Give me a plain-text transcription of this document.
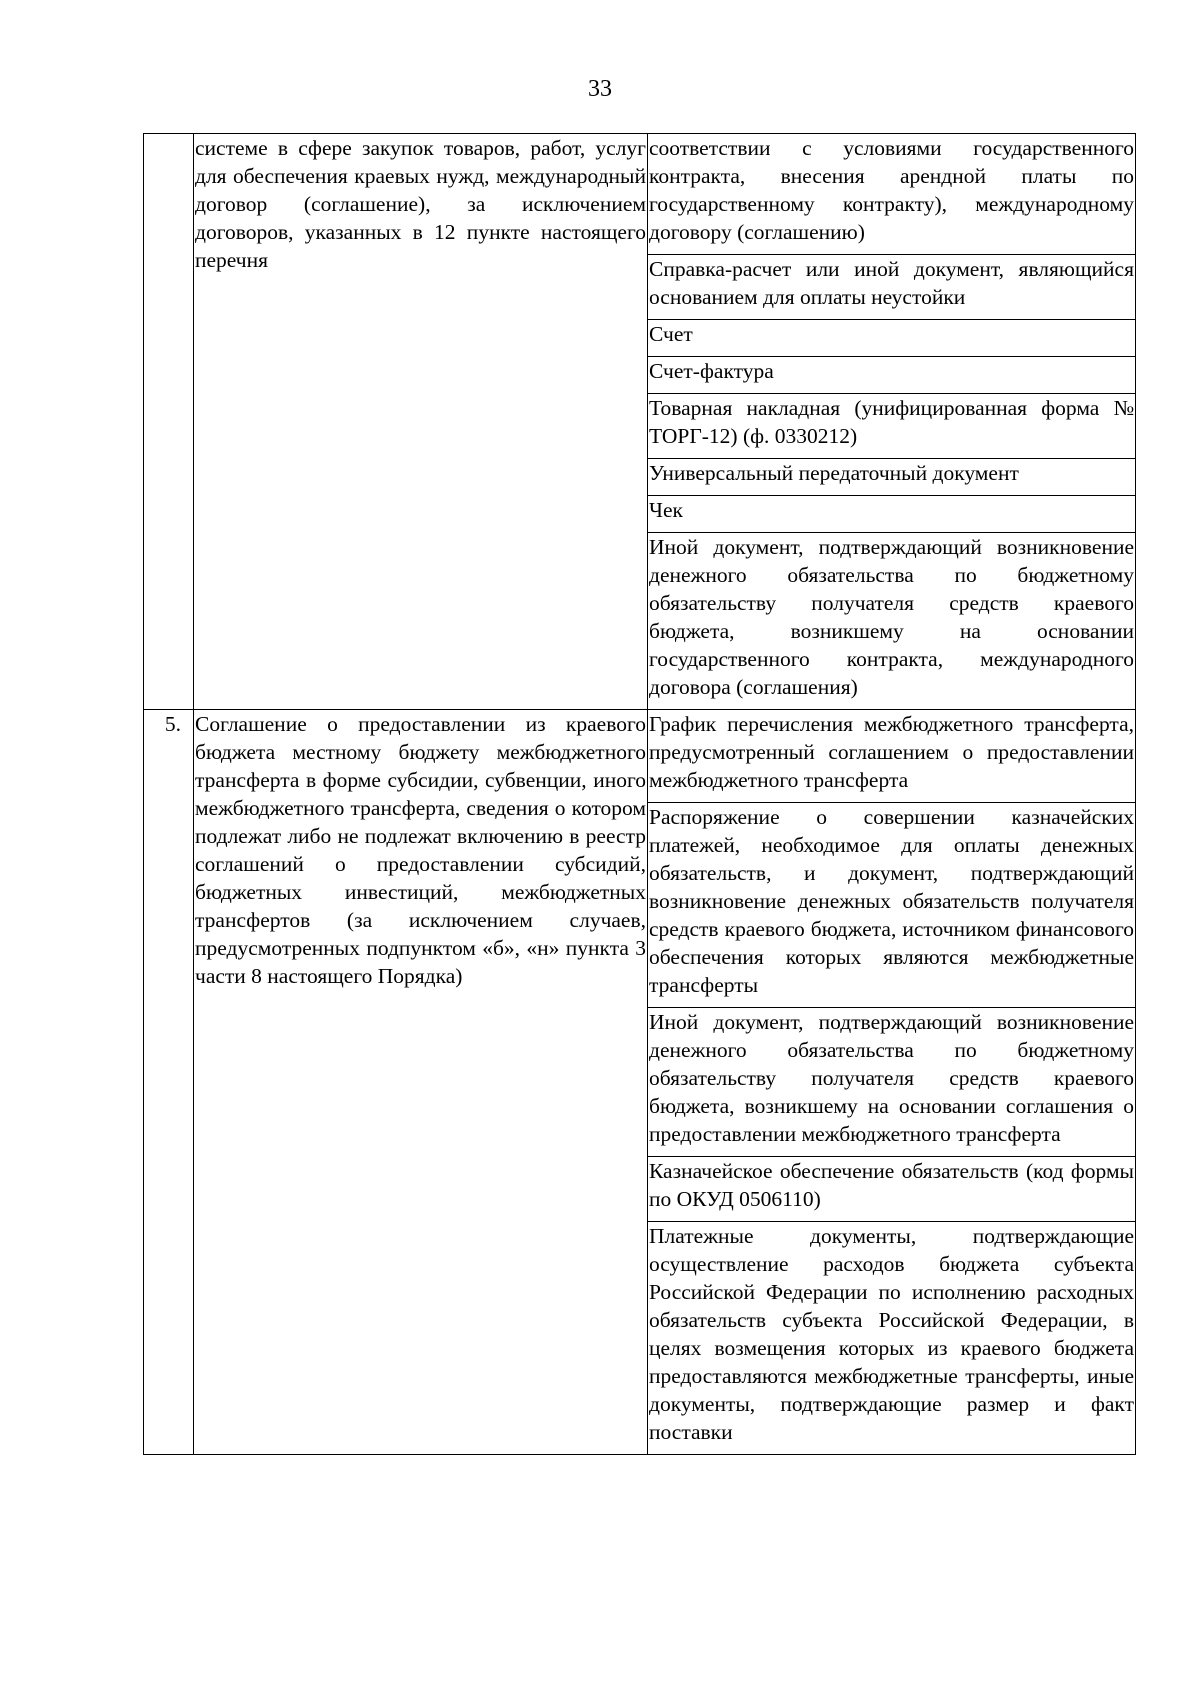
33
	системе в сфере закупок товаров, работ, услуг для обеспечения краевых нужд, международный договор (соглашение), за исключением договоров, указанных в 12 пункте настоящего перечня	соответствии с условиями государственного контракта, внесения арендной платы по государственному контракту), международному договору (соглашению)
		Справка-расчет или иной документ, являющийся основанием для оплаты неустойки
		Счет
		Счет-фактура
		Товарная накладная (унифицированная форма № ТОРГ-12) (ф. 0330212)
		Универсальный передаточный документ
		Чек
		Иной документ, подтверждающий возникновение денежного обязательства по бюджетному обязательству получателя средств краевого бюджета, возникшему на основании государственного контракта, международного договора (соглашения)
5.	Соглашение о предоставлении из краевого бюджета местному бюджету межбюджетного трансферта в форме субсидии, субвенции, иного межбюджетного трансферта, сведения о котором подлежат либо не подлежат включению в реестр соглашений о предоставлении субсидий, бюджетных инвестиций, межбюджетных трансфертов (за исключением случаев, предусмотренных подпунктом «б», «н» пункта 3 части 8 настоящего Порядка)	График перечисления межбюджетного трансферта, предусмотренный соглашением о предоставлении межбюджетного трансферта
		Распоряжение о совершении казначейских платежей, необходимое для оплаты денежных обязательств, и документ, подтверждающий возникновение денежных обязательств получателя средств краевого бюджета, источником финансового обеспечения которых являются межбюджетные трансферты
		Иной документ, подтверждающий возникновение денежного обязательства по бюджетному обязательству получателя средств краевого бюджета, возникшему на основании соглашения о предоставлении межбюджетного трансферта
		Казначейское обеспечение обязательств (код формы по ОКУД 0506110)
		Платежные документы, подтверждающие осуществление расходов бюджета субъекта Российской Федерации по исполнению расходных обязательств субъекта Российской Федерации, в целях возмещения которых из краевого бюджета предоставляются межбюджетные трансферты, иные документы, подтверждающие размер и факт поставки
